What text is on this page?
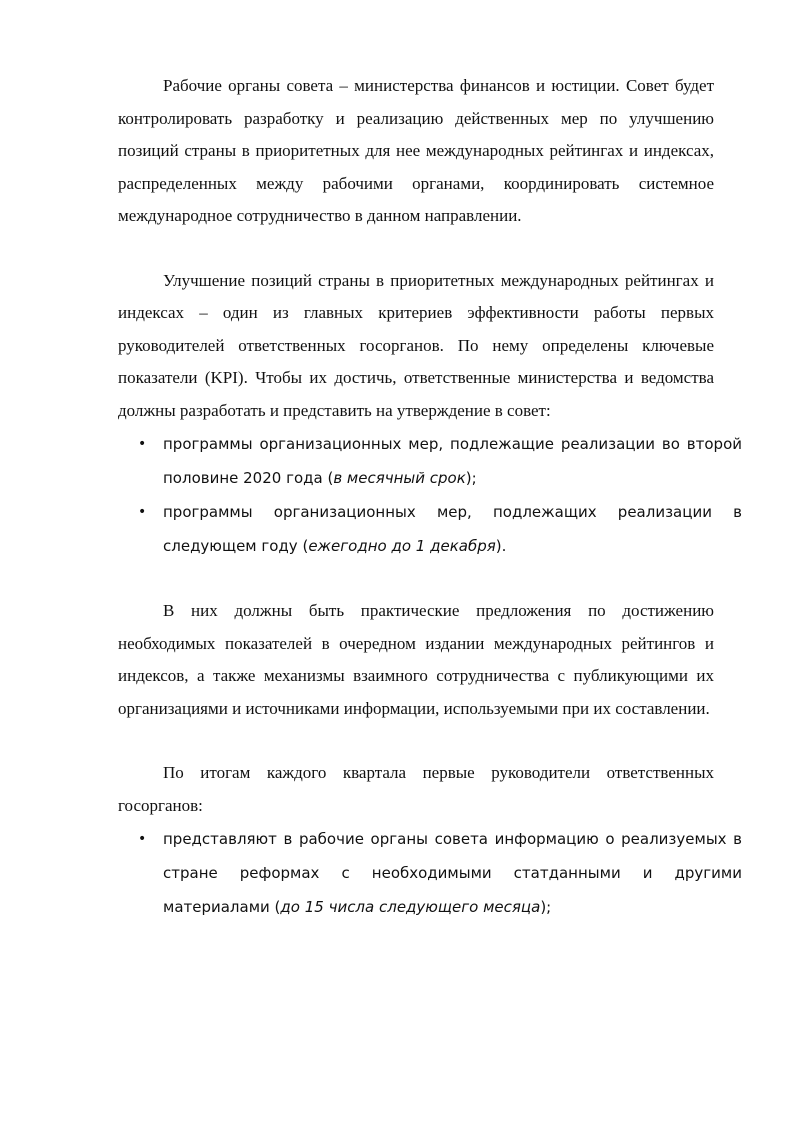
Рабочие органы совета – министерства финансов и юстиции. Совет будет контролировать разработку и реализацию действенных мер по улучшению позиций страны в приоритетных для нее международных рейтингах и индексах, распределенных между рабочими органами, координировать системное международное сотрудничество в данном направлении.

Улучшение позиций страны в приоритетных международных рейтингах и индексах – один из главных критериев эффективности работы первых руководителей ответственных госорганов. По нему определены ключевые показатели (KPI). Чтобы их достичь, ответственные министерства и ведомства должны разработать и представить на утверждение в совет:

• программы организационных мер, подлежащие реализации во второй половине 2020 года (в месячный срок);
• программы организационных мер, подлежащих реализации в следующем году (ежегодно до 1 декабря).

В них должны быть практические предложения по достижению необходимых показателей в очередном издании международных рейтингов и индексов, а также механизмы взаимного сотрудничества с публикующими их организациями и источниками информации, используемыми при их составлении.

По итогам каждого квартала первые руководители ответственных госорганов:

• представляют в рабочие органы совета информацию о реализуемых в стране реформах с необходимыми статданными и другими материалами (до 15 числа следующего месяца);
